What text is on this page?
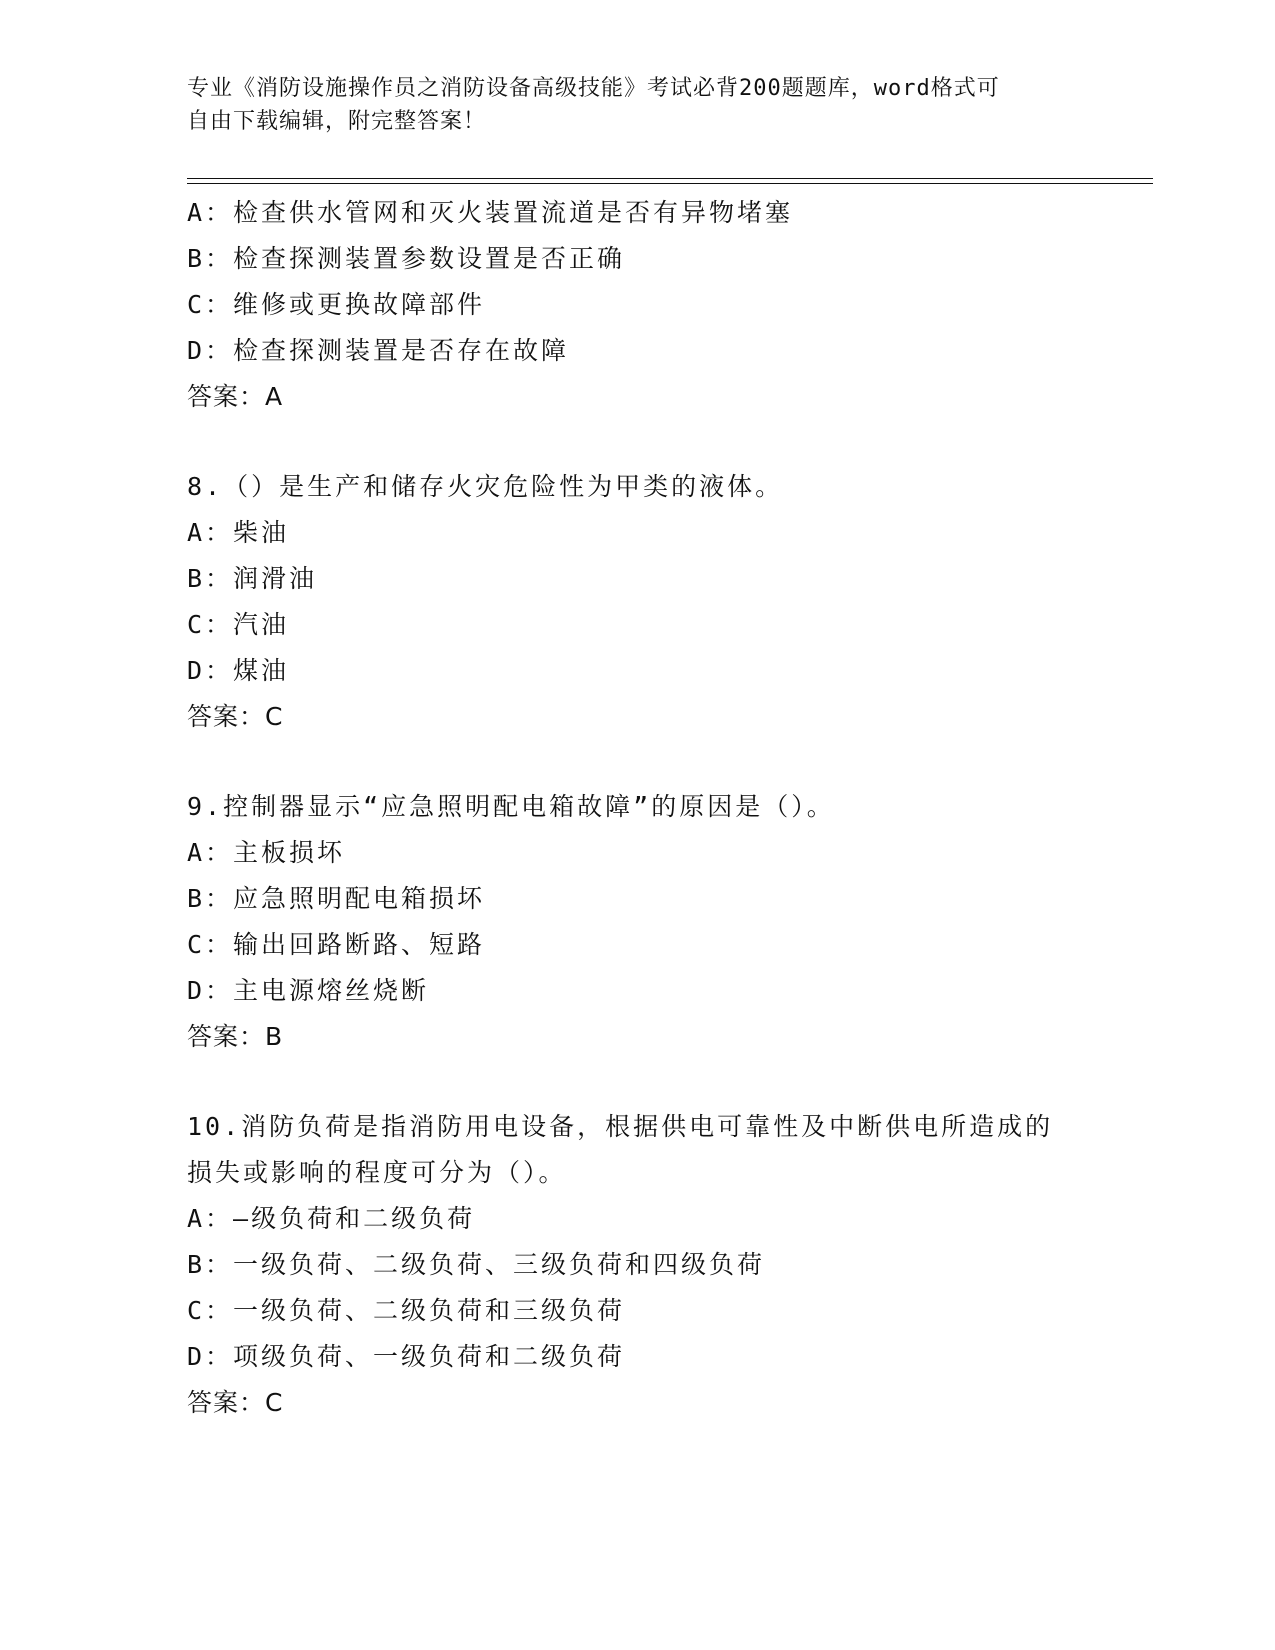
专业《消防设施操作员之消防设备高级技能》考试必背200题题库，word格式可
自由下载编辑，附完整答案！
A：检查供水管网和灭火装置流道是否有异物堵塞
B：检查探测装置参数设置是否正确
C：维修或更换故障部件
D：检查探测装置是否存在故障
答案：A
8.（）是生产和储存火灾危险性为甲类的液体。
A：柴油
B：润滑油
C：汽油
D：煤油
答案：C
9.控制器显示“应急照明配电箱故障”的原因是（）。
A：主板损坏
B：应急照明配电箱损坏
C：输出回路断路、短路
D：主电源熔丝烧断
答案：B
10.消防负荷是指消防用电设备，根据供电可靠性及中断供电所造成的
损失或影响的程度可分为（）。
A：—级负荷和二级负荷
B：一级负荷、二级负荷、三级负荷和四级负荷
C：一级负荷、二级负荷和三级负荷
D：项级负荷、一级负荷和二级负荷
答案：C
